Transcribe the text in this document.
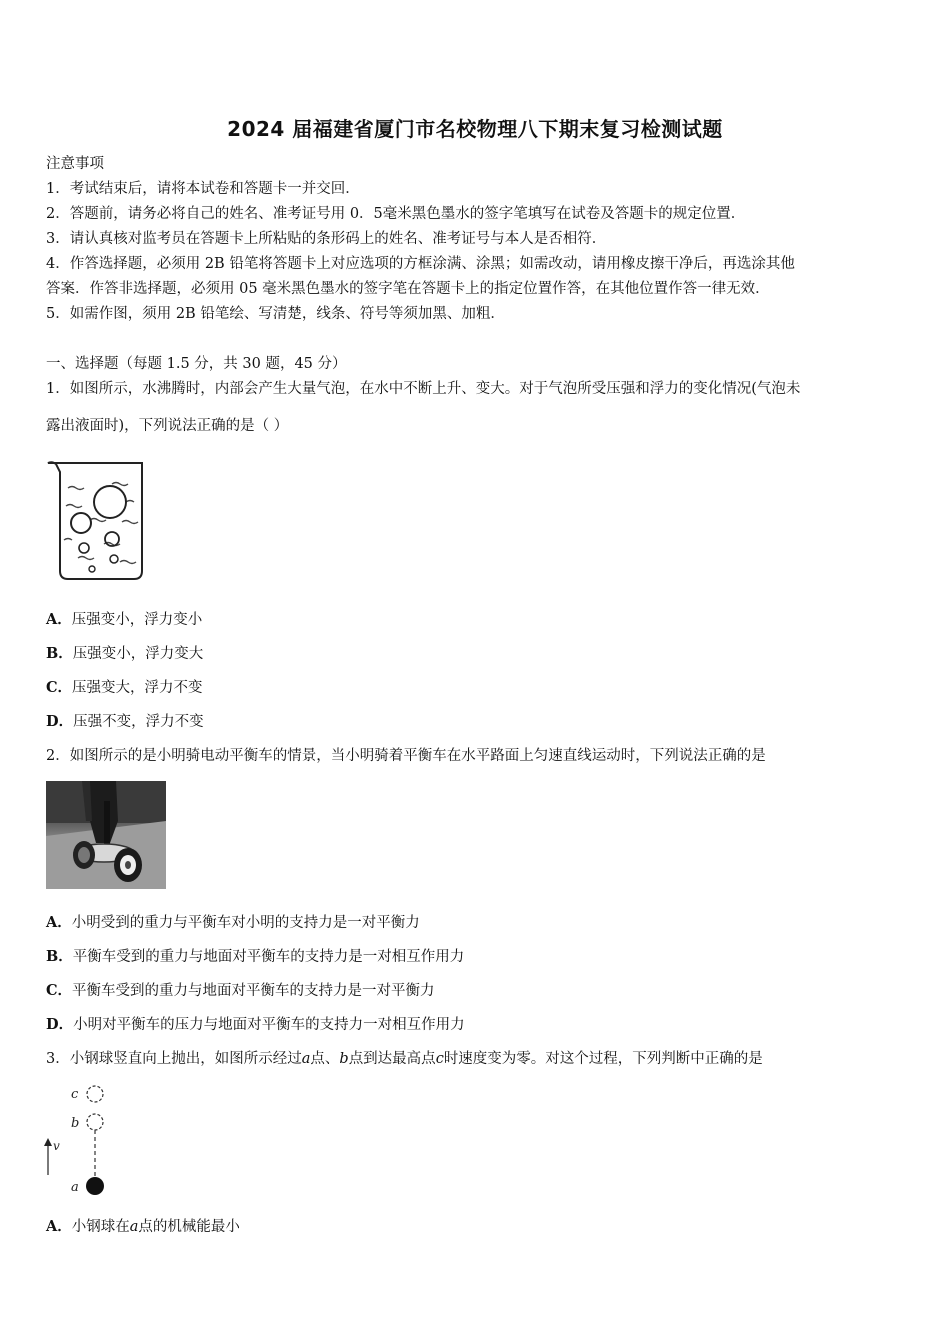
2024 届福建省厦门市名校物理八下期末复习检测试题
注意事项
1．考试结束后，请将本试卷和答题卡一并交回．
2．答题前，请务必将自己的姓名、准考证号用 0．5毫米黑色墨水的签字笔填写在试卷及答题卡的规定位置．
3．请认真核对监考员在答题卡上所粘贴的条形码上的姓名、准考证号与本人是否相符．
4．作答选择题，必须用 2B 铅笔将答题卡上对应选项的方框涂满、涂黑；如需改动，请用橡皮擦干净后，再选涂其他
答案．作答非选择题，必须用 05 毫米黑色墨水的签字笔在答题卡上的指定位置作答，在其他位置作答一律无效．
5．如需作图，须用 2B 铅笔绘、写清楚，线条、符号等须加黑、加粗．
一、选择题（每题 1.5 分，共 30 题，45 分）
1．如图所示，水沸腾时，内部会产生大量气泡，在水中不断上升、变大。对于气泡所受压强和浮力的变化情况(气泡未
露出液面时)，下列说法正确的是（ ）
A．压强变小，浮力变小
B．压强变小，浮力变大
C．压强变大，浮力不变
D．压强不变，浮力不变
2．如图所示的是小明骑电动平衡车的情景，当小明骑着平衡车在水平路面上匀速直线运动时，下列说法正确的是
A．小明受到的重力与平衡车对小明的支持力是一对平衡力
B．平衡车受到的重力与地面对平衡车的支持力是一对相互作用力
C．平衡车受到的重力与地面对平衡车的支持力是一对平衡力
D．小明对平衡车的压力与地面对平衡车的支持力一对相互作用力
3．小钢球竖直向上抛出，如图所示经过a点、b点到达最高点c时速度变为零。对这个过程，下列判断中正确的是
c
b
v
a
A．小钢球在a点的机械能最小
